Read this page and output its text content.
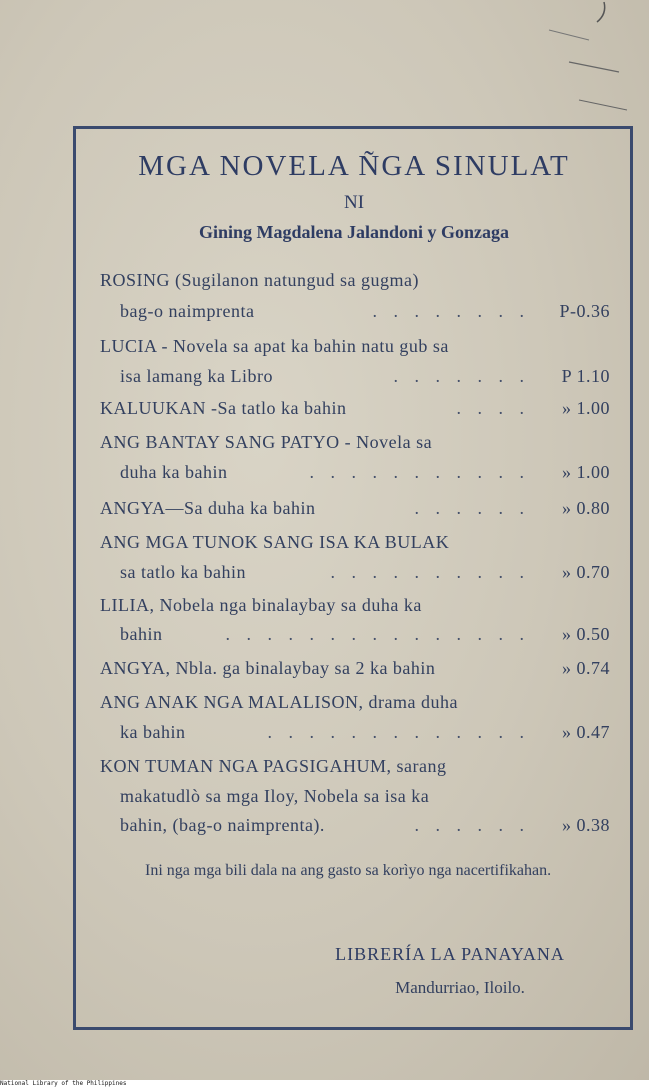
MGA NOVELA ÑGA SINULAT
NI
Gining Magdalena Jalandoni y Gonzaga
ROSING (Sugilanon natungud sa gugma)
bag-o naimprenta	. . . . . . . . P-0.36
LUCIA - Novela sa apat ka bahin natu gub sa
isa lamang ka Libro	. . . . . . . P 1.10
KALUUKAN -Sa tatlo ka bahin	. . . . » 1.00
ANG BANTAY SANG PATYO - Novela sa
duha ka bahin	. . . . . . . . . . . » 1.00
ANGYA—Sa duha ka bahin	. . . . . . » 0.80
ANG MGA TUNOK SANG ISA KA BULAK
sa tatlo ka bahin	. . . . . . . . . . » 0.70
LILIA, Nobela nga binalaybay sa duha ka
bahin	. . . . . . . . . . . . . . . » 0.50
ANGYA, Nbla. ga binalaybay sa 2 ka bahin	» 0.74
ANG ANAK NGA MALALISON, drama duha
ka bahin	. . . . . . . . . . . . . » 0.47
KON TUMAN NGA PAGSIGAHUM, sarang
makatudlò sa mga Iloy, Nobela sa isa ka
bahin, (bag-o naimprenta).	. . . . . . » 0.38
Ini nga mga bili dala na ang gasto sa korìyo nga nacertifikahan.
LIBRERÍA LA PANAYANA
Mandurriao, Iloilo.
National Library of the Philippines
